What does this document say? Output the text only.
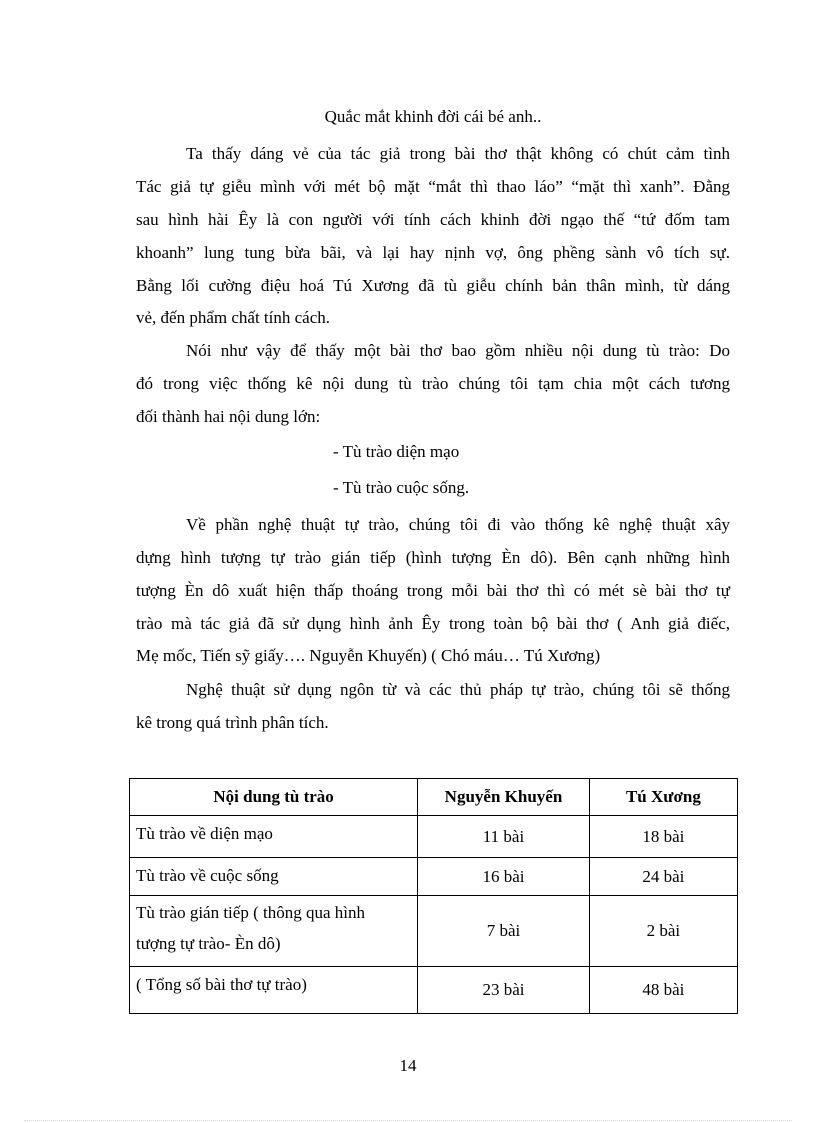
Quắc mắt khinh đời cái bé anh..
Ta thấy dáng vẻ của tác giả trong bài thơ thật không có chút cảm tình
Tác giả tự giễu mình với mét bộ mặt “mắt thì thao láo” “mặt thì xanh”. Đằng
sau hình hài Êy là con người với tính cách khinh đời ngạo thế “tứ đốm tam
khoanh” lung tung bừa bãi, và lại hay nịnh vợ, ông phềng sành vô tích sự.
Bằng lối cường điệu hoá Tú Xương đã tù giễu chính bản thân mình, từ dáng
vẻ, đến phẩm chất tính cách.
Nói như vậy để thấy một bài thơ bao gồm nhiều nội dung tù trào: Do
đó trong việc thống kê nội dung tù trào chúng tôi tạm chia một cách tương
đối thành hai nội dung lớn:
- Tù trào diện mạo
- Tù trào cuộc sống.
Về phần nghệ thuật tự trào, chúng tôi đi vào thống kê nghệ thuật xây
dựng hình tượng tự trào gián tiếp (hình tượng Èn dô). Bên cạnh những hình
tượng Èn dô xuất hiện thấp thoáng trong mỗi bài thơ thì có mét sè bài thơ tự
trào mà tác giả đã sử dụng hình ảnh Êy trong toàn bộ bài thơ ( Anh giả điếc,
Mẹ mốc, Tiến sỹ giấy…. Nguyễn Khuyến) ( Chó máu… Tú Xương)
Nghệ thuật sử dụng ngôn từ và các thủ pháp tự trào, chúng tôi sẽ thống
kê trong quá trình phân tích.
Nội dung tù trào	Nguyễn Khuyến	Tú Xương
Tù trào về diện mạo	11 bài	18 bài
Tù trào về cuộc sống	16 bài	24 bài

Tù trào gián tiếp ( thông qua hình
tượng tự trào- Èn dô)	7 bài	2 bài
( Tổng số bài thơ tự trào)	23 bài	48 bài
14
